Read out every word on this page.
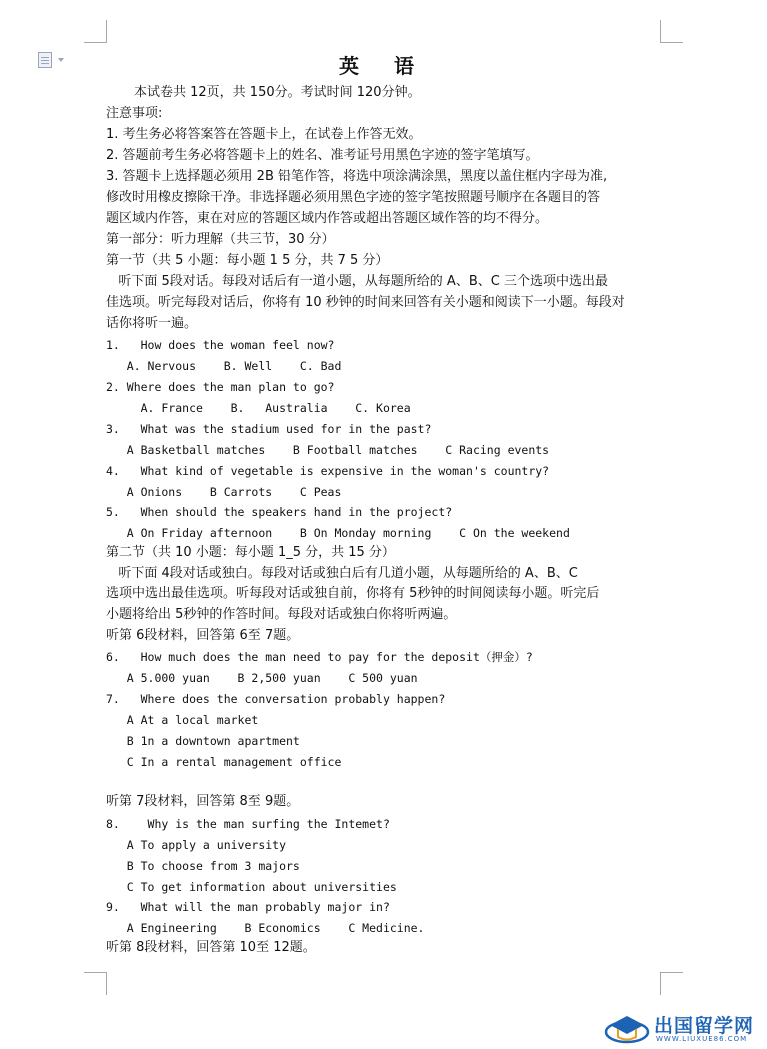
英 语
本试卷共 12页，共 150分。考试时间 120分钟。
注意事项:
1. 考生务必将答案答在答题卡上，在试卷上作答无效。
2. 答题前考生务必将答题卡上的姓名、准考证号用黑色字迹的签字笔填写。
3. 答题卡上选择题必须用 2B 铅笔作答，将选中项涂满涂黑，黑度以盖住框内字母为准,
修改时用橡皮擦除干净。非选择题必须用黑色字迹的签字笔按照题号顺序在各题目的答
题区域内作答，東在对应的答题区域内作答或超出答题区域作答的均不得分。
第一部分：听力理解（共三节，30 分）
第一节（共 5 小题：每小题 1 5 分，共 7 5 分）
听下面 5段对话。每段对话后有一道小题，从每题所给的 A、B、C 三个选项中选出最
佳选项。听完每段对话后，你将有 10 秒钟的时间来回答有关小题和阅读下一小题。每段对
话你将听一遍。
1.   How does the woman feel now?
A. Nervous    B. Well    C. Bad
2. Where does the man plan to go?
A. France    B.   Australia    C. Korea
3.   What was the stadium used for in the past?
A Basketball matches    B Football matches    C Racing events
4.   What kind of vegetable is expensive in the woman's country?
A Onions    B Carrots    C Peas
5.   When should the speakers hand in the project?
A On Friday afternoon    B On Monday morning    C On the weekend
第二节（共 10 小题：每小题 1_5 分，共 15 分）
听下面 4段对话或独白。每段对话或独白后有几道小题，从每题所给的 A、B、C
选项中选出最佳选项。听每段对话或独自前，你将有 5秒钟的时间阅读每小题。听完后
小题将给出 5秒钟的作答时间。每段对话或独白你将听两遍。
听第 6段材料，回答第 6至 7题。
6.   How much does the man need to pay for the deposit（押金）?
A 5.000 yuan    B 2,500 yuan    C 500 yuan
7.   Where does the conversation probably happen?
A At a local market
B 1n a downtown apartment
C In a rental management office
听第 7段材料，回答第 8至 9题。
8.    Why is the man surfing the Intemet?
A To apply a university
B To choose from 3 majors
C To get information about universities
9.   What will the man probably major in?
A Engineering    B Economics    C Medicine.
听第 8段材料，回答第 10至 12题。
出国留学网
WWW.LIUXUE86.COM
